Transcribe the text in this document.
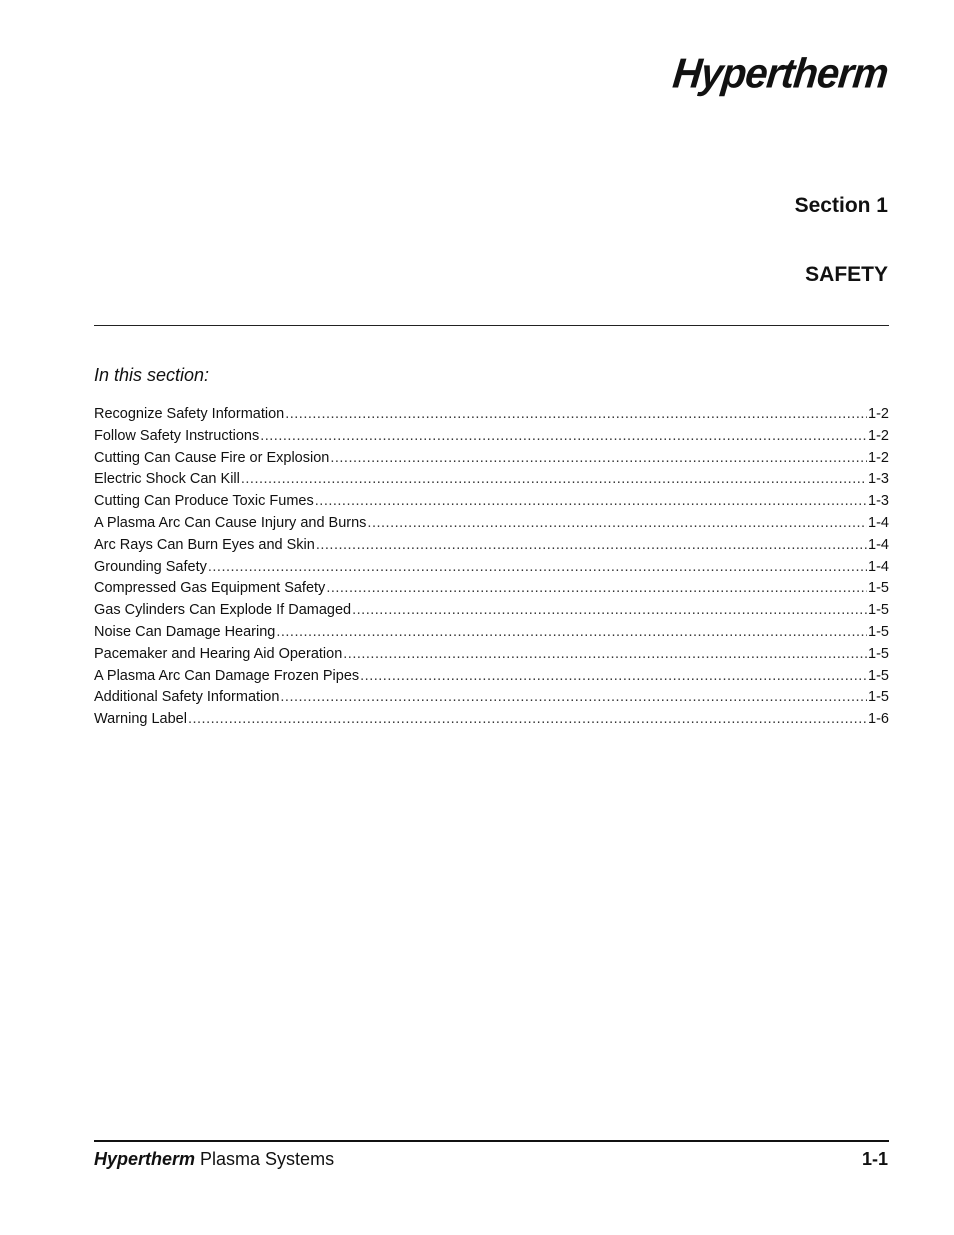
Hypertherm
Section 1
SAFETY
In this section:
Recognize Safety Information .....	1-2
Follow Safety Instructions .....	1-2
Cutting Can Cause Fire or Explosion .....	1-2
Electric Shock Can Kill .....	1-3
Cutting Can Produce Toxic Fumes .....	1-3
A Plasma Arc Can Cause Injury and Burns .....	1-4
Arc Rays Can Burn Eyes and Skin .....	1-4
Grounding Safety .....	1-4
Compressed Gas Equipment Safety .....	1-5
Gas Cylinders Can Explode If Damaged .....	1-5
Noise Can Damage Hearing .....	1-5
Pacemaker and Hearing Aid Operation .....	1-5
A Plasma Arc Can Damage Frozen Pipes .....	1-5
Additional Safety Information .....	1-5
Warning Label .....	1-6
Hypertherm Plasma Systems	1-1
